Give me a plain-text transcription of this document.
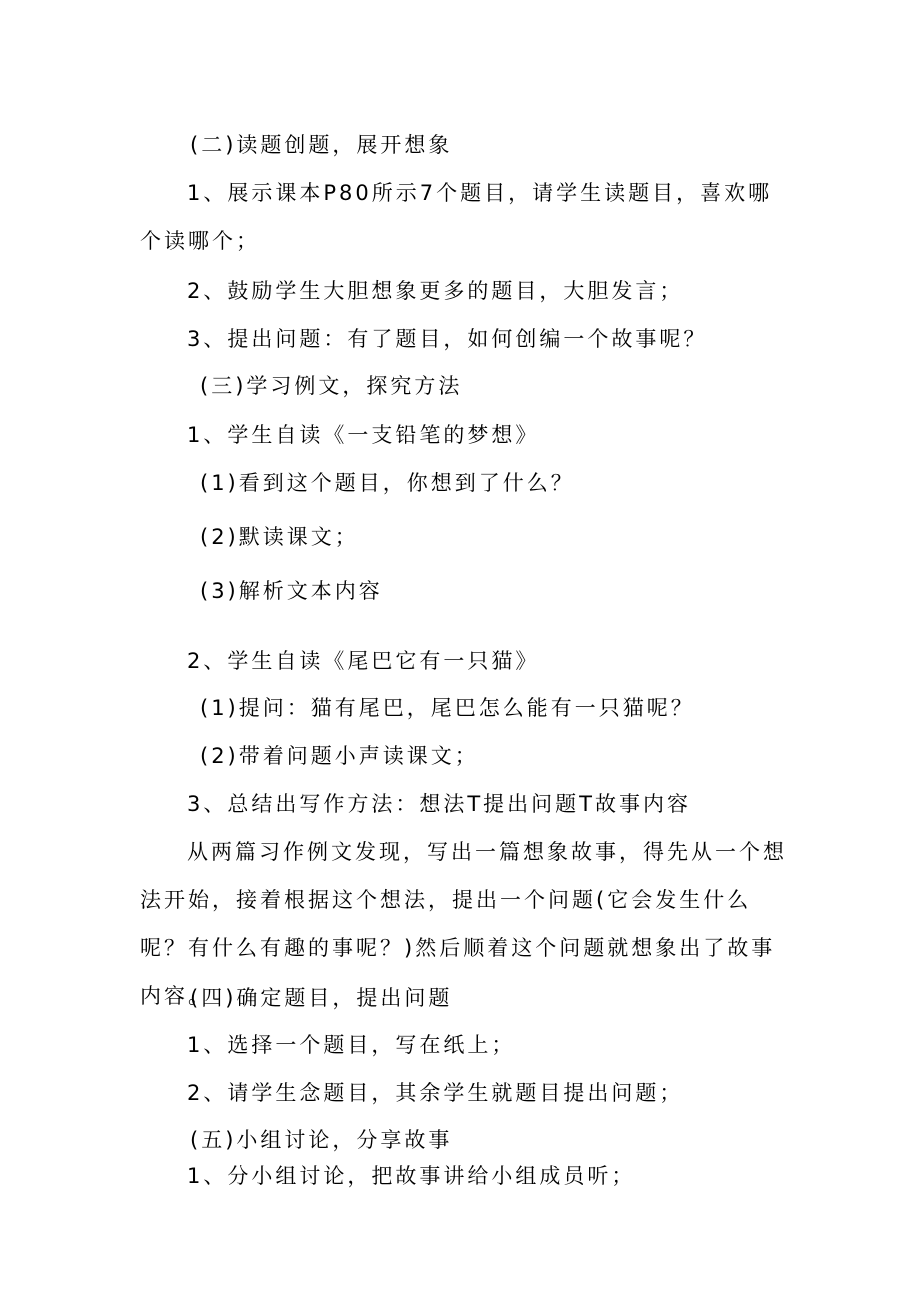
(二)读题创题，展开想象
1、展示课本P80所示7个题目，请学生读题目，喜欢哪个读哪个；
2、鼓励学生大胆想象更多的题目，大胆发言；
3、提出问题：有了题目，如何创编一个故事呢？
(三)学习例文，探究方法
1、学生自读《一支铅笔的梦想》
(1)看到这个题目，你想到了什么？
(2)默读课文；
(3)解析文本内容
2、学生自读《尾巴它有一只猫》
(1)提问：猫有尾巴，尾巴怎么能有一只猫呢？
(2)带着问题小声读课文；
3、总结出写作方法：想法T提出问题T故事内容
从两篇习作例文发现，写出一篇想象故事，得先从一个想法开始，接着根据这个想法，提出一个问题(它会发生什么呢？有什么有趣的事呢？)然后顺着这个问题就想象出了故事内容。
(四)确定题目，提出问题
1、选择一个题目，写在纸上；
2、请学生念题目，其余学生就题目提出问题；
(五)小组讨论，分享故事
1、分小组讨论，把故事讲给小组成员听；
